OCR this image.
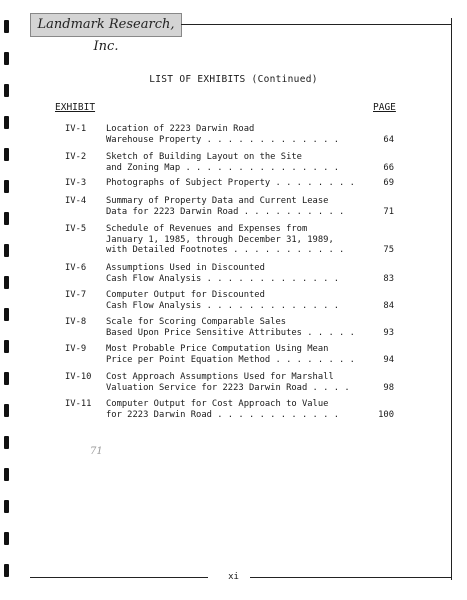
Landmark Research, Inc.
LIST OF EXHIBITS (Continued)
EXHIBIT	PAGE
IV-1 Location of 2223 Darwin Road
Warehouse Property . . . . . . . . . . . . .	64
IV-2 Sketch of Building Layout on the Site
and Zoning Map . . . . . . . . . . . . . . .	66
IV-3 Photographs of Subject Property . . . . . . . .	69
IV-4 Summary of Property Data and Current Lease
Data for 2223 Darwin Road . . . . . . . . . .	71
IV-5 Schedule of Revenues and Expenses from
January 1, 1985, through December 31, 1989,
with Detailed Footnotes . . . . . . . . . . .	75
IV-6 Assumptions Used in Discounted
Cash Flow Analysis . . . . . . . . . . . . .	83
IV-7 Computer Output for Discounted
Cash Flow Analysis . . . . . . . . . . . . .	84
IV-8 Scale for Scoring Comparable Sales
Based Upon Price Sensitive Attributes . . . . .	93
IV-9 Most Probable Price Computation Using Mean
Price per Point Equation Method . . . . . . . .	94
IV-10 Cost Approach Assumptions Used for Marshall
Valuation Service for 2223 Darwin Road . . . .	98
IV-11 Computer Output for Cost Approach to Value
for 2223 Darwin Road . . . . . . . . . . . .	100
71
xi
